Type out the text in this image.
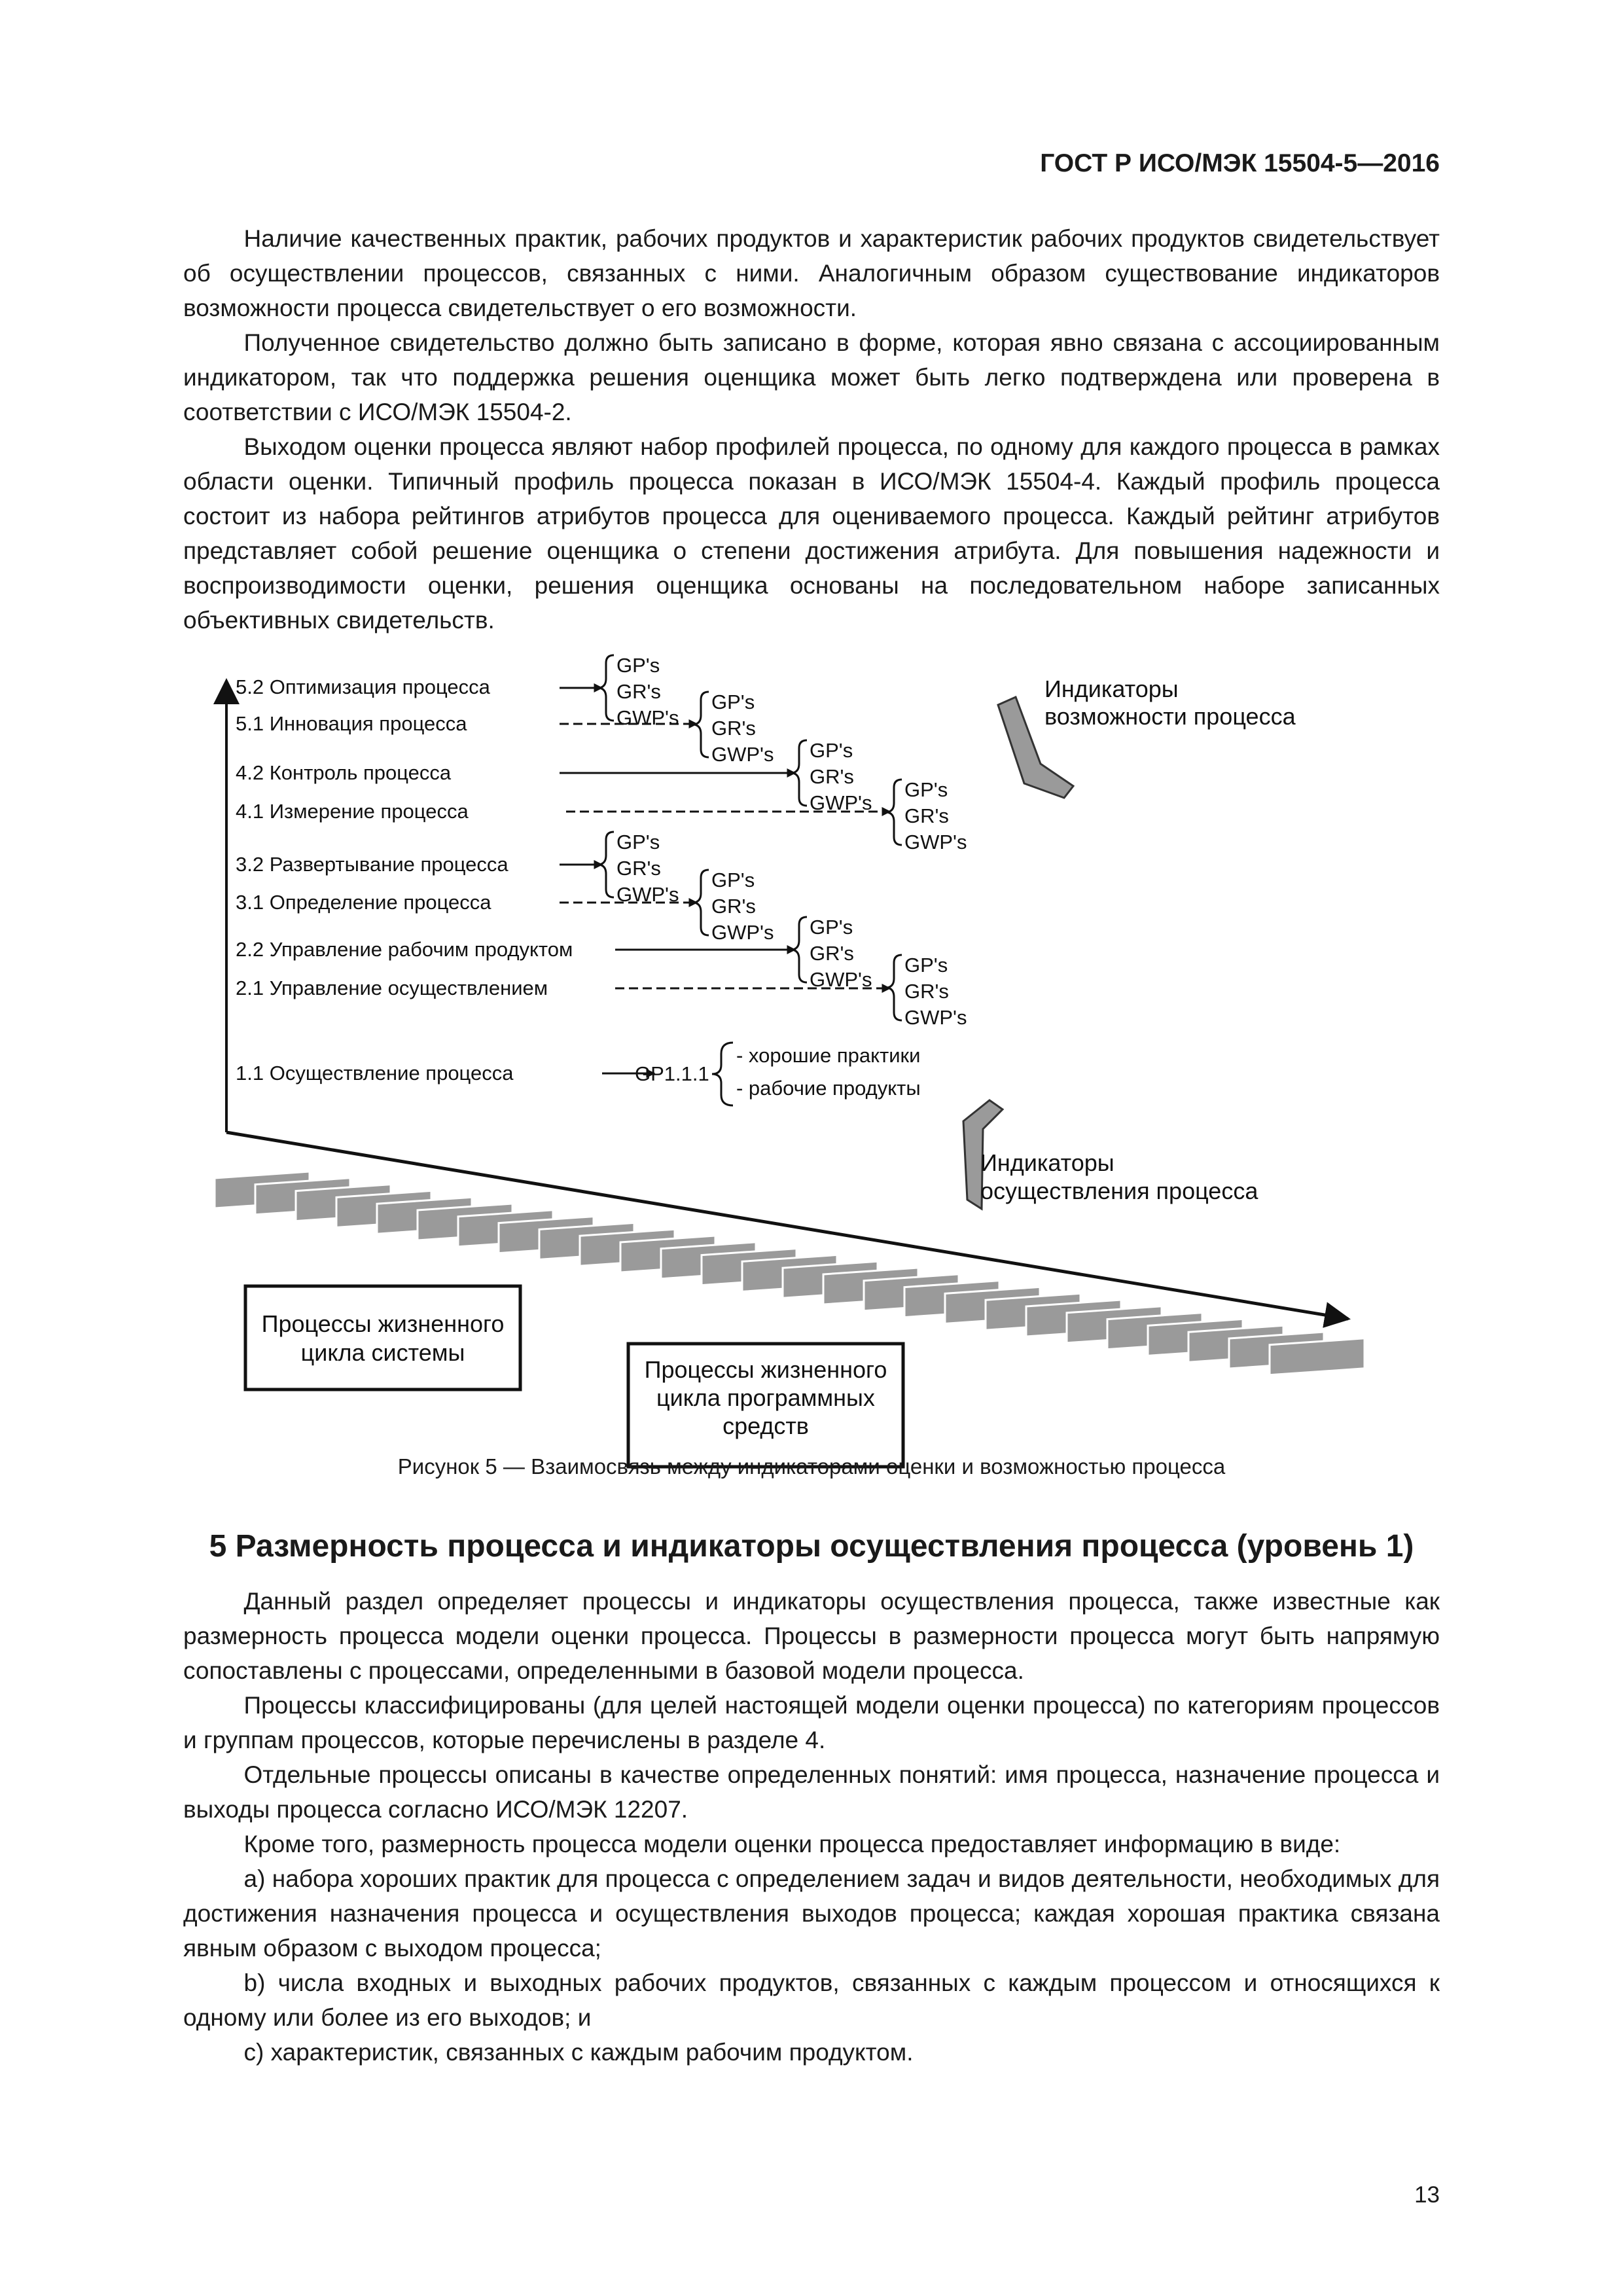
ГОСТ Р ИСО/МЭК 15504-5—2016

Наличие качественных практик, рабочих продуктов и характеристик рабочих продуктов свидетельствует об осуществлении процессов, связанных с ними. Аналогичным образом существование индикаторов возможности процесса свидетельствует о его возможности.

Полученное свидетельство должно быть записано в форме, которая явно связана с ассоциированным индикатором, так что поддержка решения оценщика может быть легко подтверждена или проверена в соответствии с ИСО/МЭК 15504-2.

Выходом оценки процесса являют набор профилей процесса, по одному для каждого процесса в рамках области оценки. Типичный профиль процесса показан в ИСО/МЭК 15504-4. Каждый профиль процесса состоит из набора рейтингов атрибутов процесса для оцениваемого процесса. Каждый рейтинг атрибутов представляет собой решение оценщика о степени достижения атрибута. Для повышения надежности и воспроизводимости оценки, решения оценщика основаны на последовательном наборе записанных объективных свидетельств.

5.2 Оптимизация процесса
5.1 Инновация процесса
4.2 Контроль процесса
4.1 Измерение процесса
3.2 Развертывание процесса
3.1 Определение процесса
2.2 Управление рабочим продуктом
2.1 Управление осуществлением
1.1 Осуществление процесса
GP's
GR's
GWP's
GP's
GR's
GWP's GP's
GR's
GWP's
GP's
GR's
GWP's
GP's
GR's
GWP's
GP's
GR's
GWP's GP's
GR's
GWP's
GP's
GR's
GWP's
GP1.1.1
- хорошие практики
- рабочие продукты
Индикаторы
возможности процесса
Индикаторы
осуществления процесса
Процессы жизненного
цикла системы
Процессы жизненного
цикла программных
средств
Рисунок 5 — Взаимосвязь между индикаторами оценки и возможностью процесса
5 Размерность процесса и индикаторы осуществления процесса (уровень 1)

Данный раздел определяет процессы и индикаторы осуществления процесса, также известные как размерность процесса модели оценки процесса. Процессы в размерности процесса могут быть напрямую сопоставлены с процессами, определенными в базовой модели процесса.

Процессы классифицированы (для целей настоящей модели оценки процесса) по категориям процессов и группам процессов, которые перечислены в разделе 4.

Отдельные процессы описаны в качестве определенных понятий: имя процесса, назначение процесса и выходы процесса согласно ИСО/МЭК 12207.

Кроме того, размерность процесса модели оценки процесса предоставляет информацию в виде:

a) набора хороших практик для процесса с определением задач и видов деятельности, необходимых для достижения назначения процесса и осуществления выходов процесса; каждая хорошая практика связана явным образом с выходом процесса;

b) числа входных и выходных рабочих продуктов, связанных с каждым процессом и относящихся к одному или более из его выходов; и

c) характеристик, связанных с каждым рабочим продуктом.

13
